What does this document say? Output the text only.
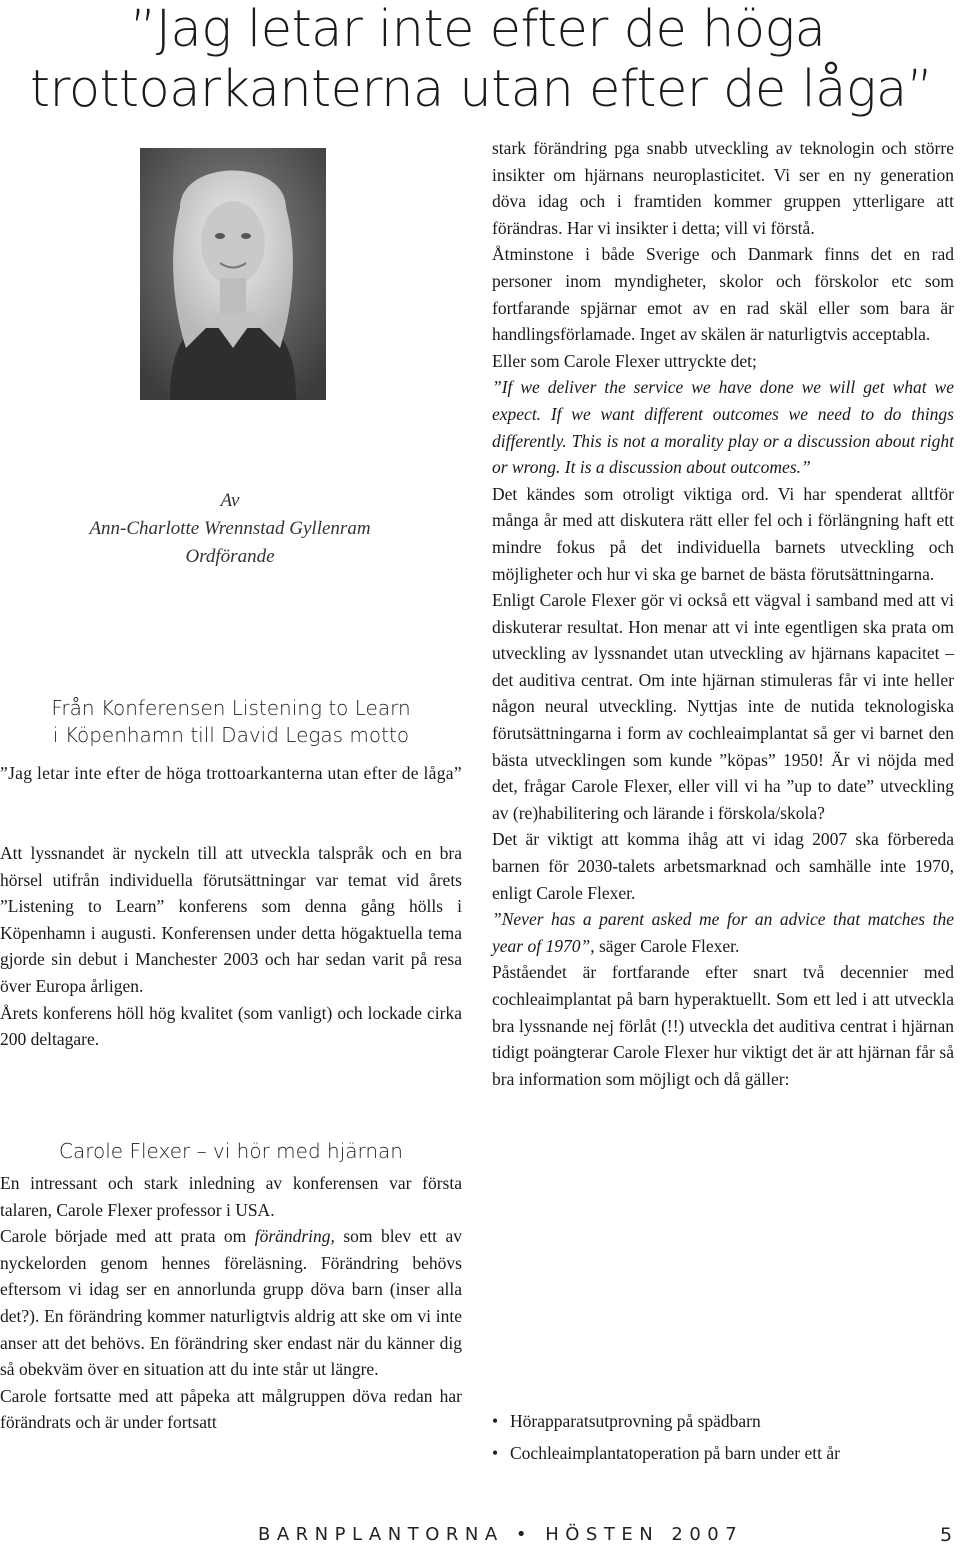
”Jag letar inte efter de höga
trottoarkanterna utan efter de låga”
Av
Ann-Charlotte Wrennstad Gyllenram
Ordförande
Från Konferensen Listening to Learn
i Köpenhamn till David Legas motto

”Jag letar inte efter de höga trottoarkanterna utan efter de låga”

Att lyssnandet är nyckeln till att utveckla talspråk och en bra hörsel utifrån individuella förutsättningar var temat vid årets ”Listening to Learn” konferens som denna gång hölls i Köpenhamn i augusti. Konferensen under detta högaktuella tema gjorde sin debut i Manchester 2003 och har sedan varit på resa över Europa årligen.

Årets konferens höll hög kvalitet (som vanligt) och lockade cirka 200 deltagare.

Carole Flexer – vi hör med hjärnan

En intressant och stark inledning av konferensen var första talaren, Carole Flexer professor i USA.

Carole började med att prata om förändring, som blev ett av nyckelorden genom hennes föreläsning. Förändring behövs eftersom vi idag ser en annorlunda grupp döva barn (inser alla det?). En förändring kommer naturligtvis aldrig att ske om vi inte anser att det behövs. En förändring sker endast när du känner dig så obekväm över en situation att du inte står ut längre.

Carole fortsatte med att påpeka att målgruppen döva redan har förändrats och är under fortsatt

stark förändring pga snabb utveckling av teknologin och större insikter om hjärnans neuroplasticitet. Vi ser en ny generation döva idag och i framtiden kommer gruppen ytterligare att förändras. Har vi insikter i detta; vill vi förstå.

Åtminstone i både Sverige och Danmark finns det en rad personer inom myndigheter, skolor och förskolor etc som fortfarande spjärnar emot av en rad skäl eller som bara är handlingsförlamade. Inget av skälen är naturligtvis acceptabla.

Eller som Carole Flexer uttryckte det;

”If we deliver the service we have done we will get what we expect. If we want different outcomes we need to do things differently. This is not a morality play or a discussion about right or wrong. It is a discussion about outcomes.”

Det kändes som otroligt viktiga ord. Vi har spenderat alltför många år med att diskutera rätt eller fel och i förlängning haft ett mindre fokus på det individuella barnets utveckling och möjligheter och hur vi ska ge barnet de bästa förutsättningarna.

Enligt Carole Flexer gör vi också ett vägval i samband med att vi diskuterar resultat. Hon menar att vi inte egentligen ska prata om utveckling av lyssnandet utan utveckling av hjärnans kapacitet – det auditiva centrat. Om inte hjärnan stimuleras får vi inte heller någon neural utveckling. Nyttjas inte de nutida teknologiska förutsättningarna i form av cochleaimplantat så ger vi barnet den bästa utvecklingen som kunde ”köpas” 1950! Är vi nöjda med det, frågar Carole Flexer, eller vill vi ha ”up to date” utveckling av (re)habilitering och lärande i förskola/skola?

Det är viktigt att komma ihåg att vi idag 2007 ska förbereda barnen för 2030-talets arbetsmarknad och samhälle inte 1970, enligt Carole Flexer.

”Never has a parent asked me for an advice that matches the year of 1970”, säger Carole Flexer.

Påståendet är fortfarande efter snart två decennier med cochleaimplantat på barn hyperaktuellt. Som ett led i att utveckla bra lyssnande nej förlåt (!!) utveckla det auditiva centrat i hjärnan tidigt poängterar Carole Flexer hur viktigt det är att hjärnan får så bra information som möjligt och då gäller:

• Hörapparatsutprovning på spädbarn
• Cochleaimplantatoperation på barn under ett år
BARNPLANTORNA • HÖSTEN 2007	5
